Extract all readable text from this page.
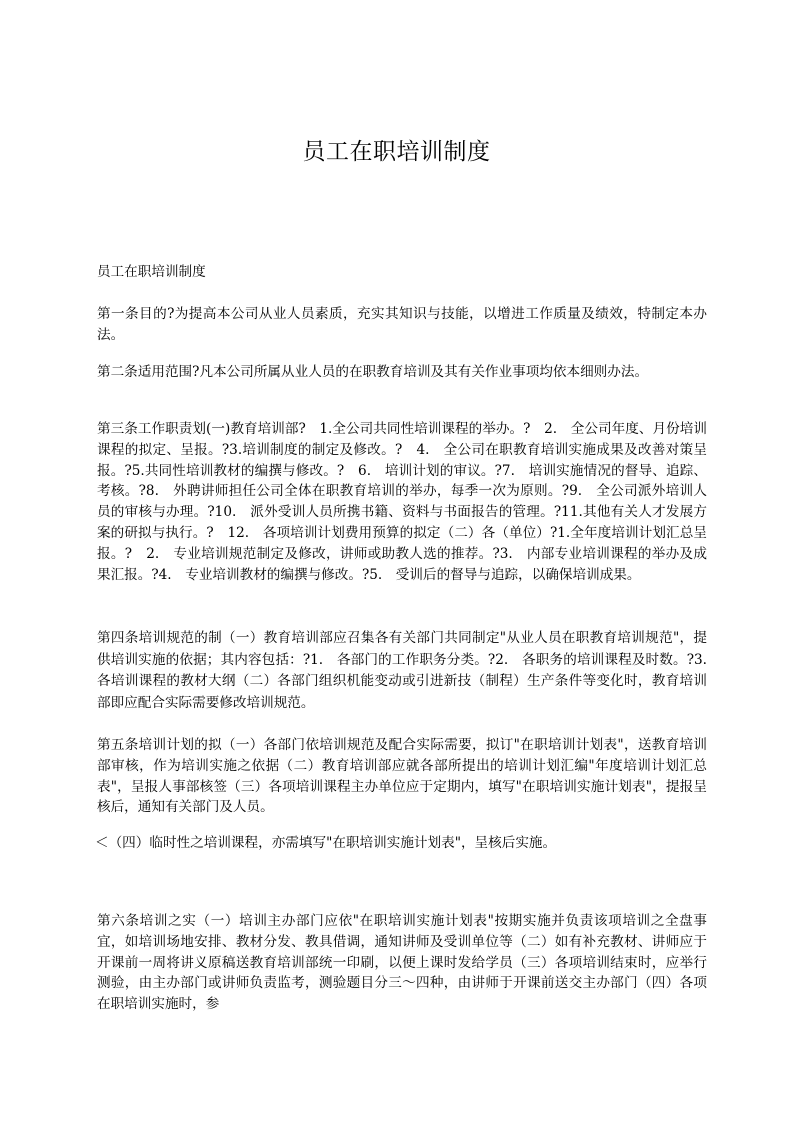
员工在职培训制度

员工在职培训制度

第一条目的?为提高本公司从业人员素质，充实其知识与技能，以增进工作质量及绩效，特制定本办法。

第二条适用范围?凡本公司所属从业人员的在职教育培训及其有关作业事项均依本细则办法。

第三条工作职责划(一)教育培训部?　1.全公司共同性培训课程的举办。?　2.　全公司年度、月份培训课程的拟定、呈报。?3.培训制度的制定及修改。?　4.　全公司在职教育培训实施成果及改善对策呈报。?5.共同性培训教材的编撰与修改。?　6.　培训计划的审议。?7.　培训实施情况的督导、追踪、考核。?8.　外聘讲师担任公司全体在职教育培训的举办，每季一次为原则。?9.　全公司派外培训人员的审核与办理。?10.　派外受训人员所携书籍、资料与书面报告的管理。?11.其他有关人才发展方案的研拟与执行。?　12.　各项培训计划费用预算的拟定（二）各（单位）?1.全年度培训计划汇总呈报。?　2.　专业培训规范制定及修改，讲师或助教人选的推荐。?3.　内部专业培训课程的举办及成果汇报。?4.　专业培训教材的编撰与修改。?5.　受训后的督导与追踪，以确保培训成果。

第四条培训规范的制（一）教育培训部应召集各有关部门共同制定"从业人员在职教育培训规范"，提供培训实施的依据；其内容包括：?1.　各部门的工作职务分类。?2.　各职务的培训课程及时数。?3.　各培训课程的教材大纲（二）各部门组织机能变动或引进新技（制程）生产条件等变化时，教育培训部即应配合实际需要修改培训规范。

第五条培训计划的拟（一）各部门依培训规范及配合实际需要，拟订"在职培训计划表"，送教育培训部审核，作为培训实施之依据（二）教育培训部应就各部所提出的培训计划汇编"年度培训计划汇总表"，呈报人事部核签（三）各项培训课程主办单位应于定期内，填写"在职培训实施计划表"，提报呈核后，通知有关部门及人员。

＜（四）临时性之培训课程，亦需填写"在职培训实施计划表"，呈核后实施。

第六条培训之实（一）培训主办部门应依"在职培训实施计划表"按期实施并负责该项培训之全盘事宜，如培训场地安排、教材分发、教具借调，通知讲师及受训单位等（二）如有补充教材、讲师应于开课前一周将讲义原稿送教育培训部统一印刷，以便上课时发给学员（三）各项培训结束时，应举行测验，由主办部门或讲师负责监考，测验题目分三～四种，由讲师于开课前送交主办部门（四）各项在职培训实施时，参
